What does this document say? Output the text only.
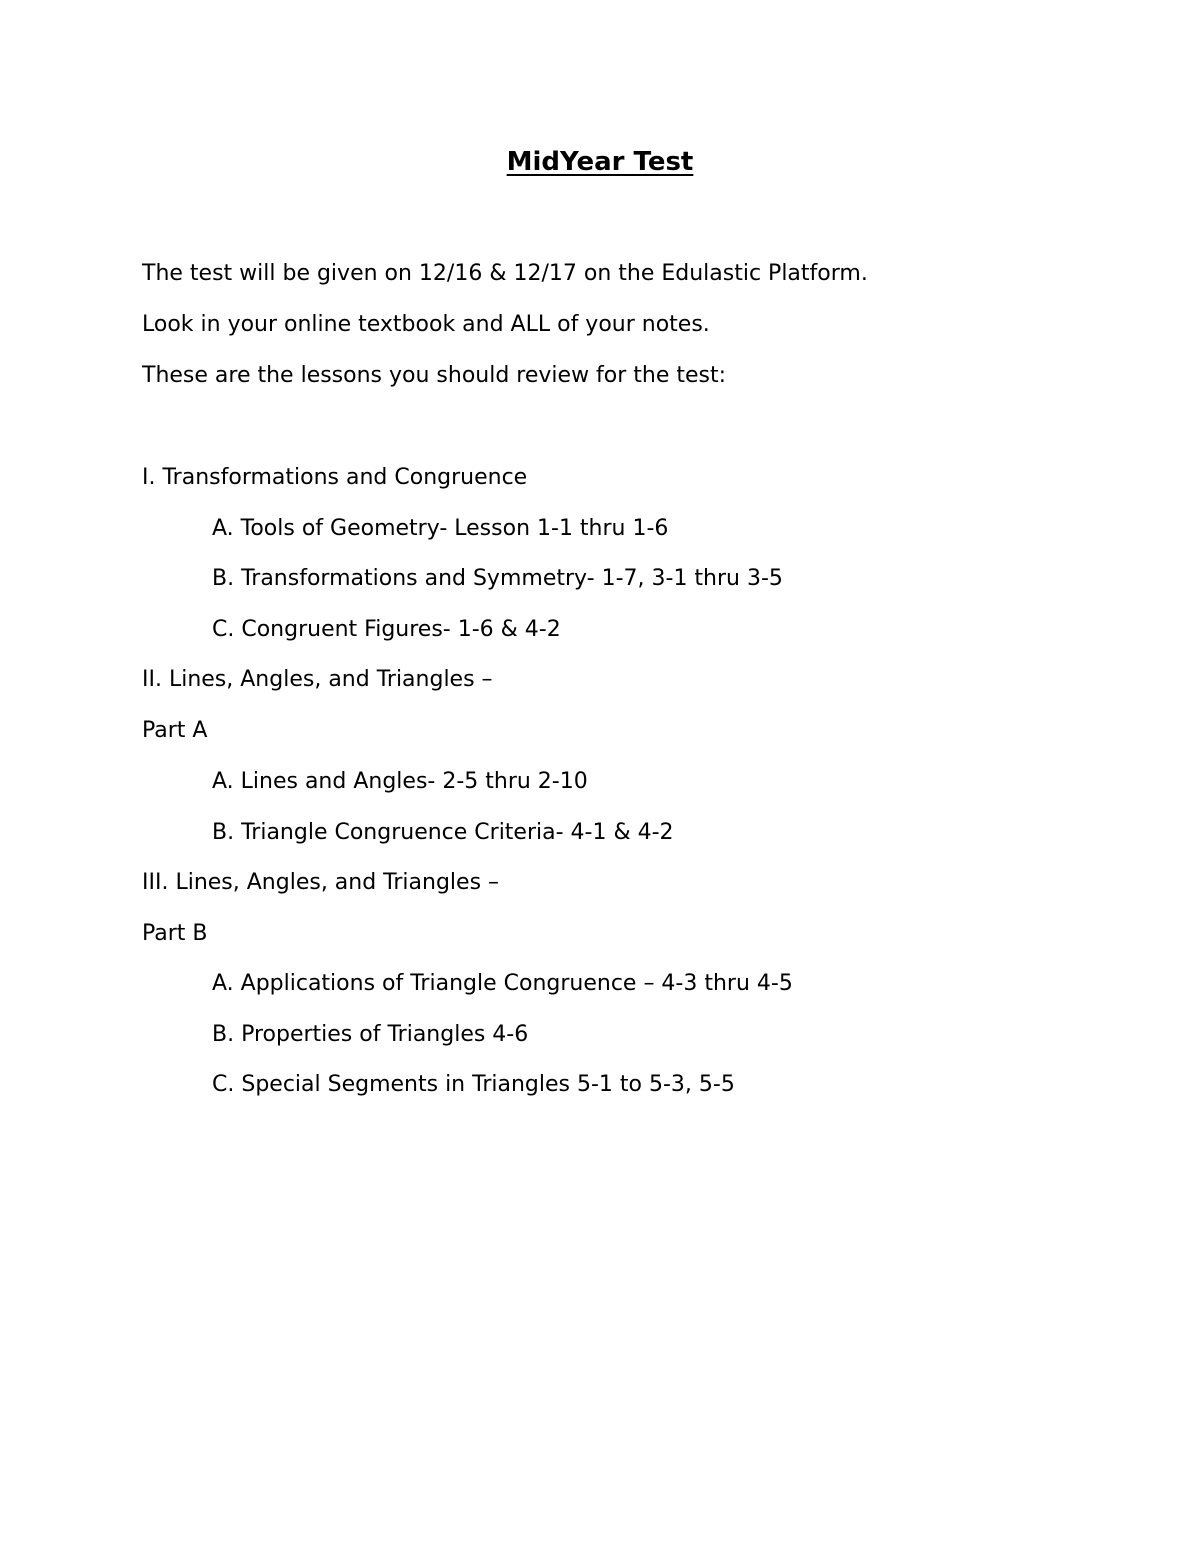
MidYear Test
The test will be given on 12/16 & 12/17 on the Edulastic Platform.
Look in your online textbook and ALL of your notes.
These are the lessons you should review for the test:
I. Transformations and Congruence
A. Tools of Geometry- Lesson 1-1 thru 1-6
B. Transformations and Symmetry- 1-7, 3-1 thru 3-5
C. Congruent Figures- 1-6 & 4-2
II. Lines, Angles, and Triangles –
Part A
A. Lines and Angles- 2-5 thru 2-10
B. Triangle Congruence Criteria- 4-1 & 4-2
III. Lines, Angles, and Triangles –
Part B
A. Applications of Triangle Congruence – 4-3 thru 4-5
B. Properties of Triangles 4-6
C. Special Segments in Triangles 5-1 to 5-3, 5-5
